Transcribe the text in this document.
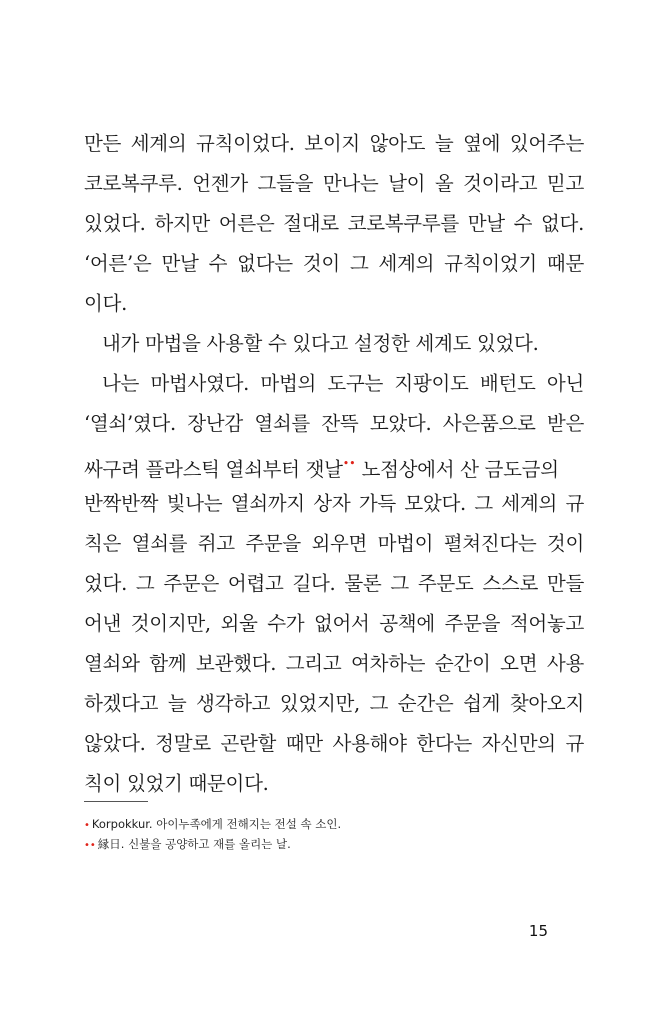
만든 세계의 규칙이었다. 보이지 않아도 늘 옆에 있어주는
코로복쿠루. 언젠가 그들을 만나는 날이 올 것이라고 믿고
있었다. 하지만 어른은 절대로 코로복쿠루를 만날 수 없다.
‘어른’은 만날 수 없다는 것이 그 세계의 규칙이었기 때문
이다.
내가 마법을 사용할 수 있다고 설정한 세계도 있었다.
나는 마법사였다. 마법의 도구는 지팡이도 배턴도 아닌
‘열쇠’였다. 장난감 열쇠를 잔뜩 모았다. 사은품으로 받은
싸구려 플라스틱 열쇠부터 잿날•• 노점상에서 산 금도금의
반짝반짝 빛나는 열쇠까지 상자 가득 모았다. 그 세계의 규
칙은 열쇠를 쥐고 주문을 외우면 마법이 펼쳐진다는 것이
었다. 그 주문은 어렵고 길다. 물론 그 주문도 스스로 만들
어낸 것이지만, 외울 수가 없어서 공책에 주문을 적어놓고
열쇠와 함께 보관했다. 그리고 여차하는 순간이 오면 사용
하겠다고 늘 생각하고 있었지만, 그 순간은 쉽게 찾아오지
않았다. 정말로 곤란할 때만 사용해야 한다는 자신만의 규
칙이 있었기 때문이다.
• Korpokkur. 아이누족에게 전해지는 전설 속 소인.
•• 縁日. 신불을 공양하고 재를 올리는 날.
15
